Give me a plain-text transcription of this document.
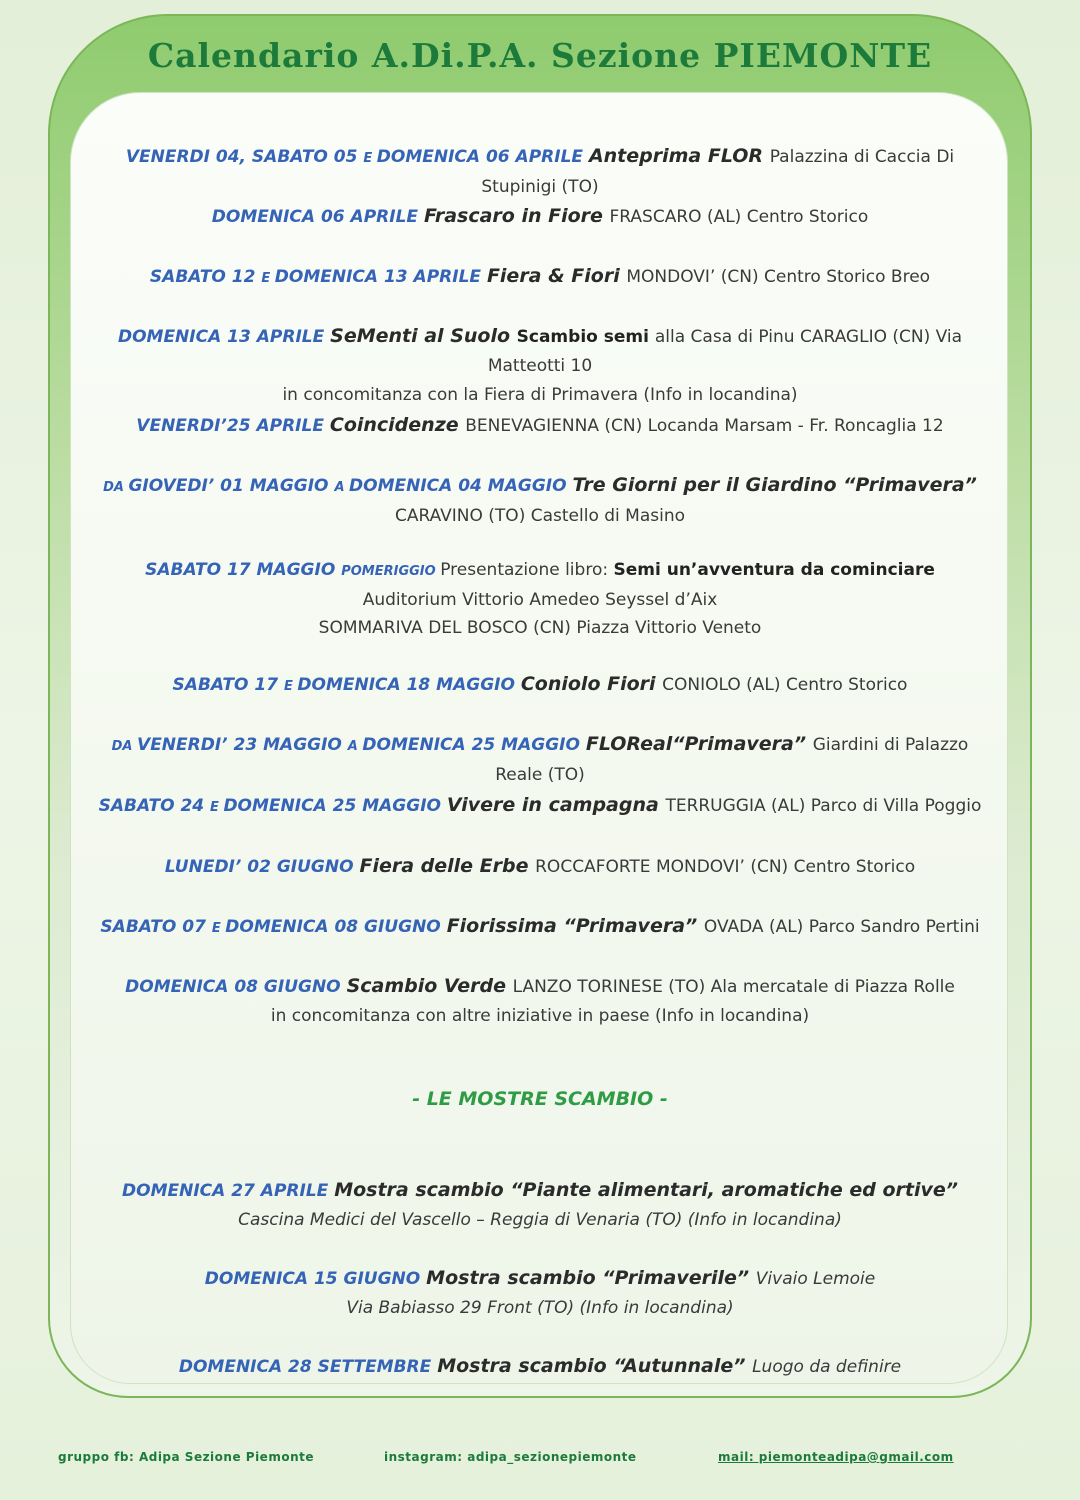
Calendario A.Di.P.A. Sezione PIEMONTE
VENERDI 04, SABATO 05 E DOMENICA 06 APRILE Anteprima FLOR Palazzina di Caccia Di Stupinigi (TO)
DOMENICA 06 APRILE Frascaro in Fiore FRASCARO (AL) Centro Storico
SABATO 12 E DOMENICA 13 APRILE Fiera & Fiori MONDOVI’ (CN) Centro Storico Breo
DOMENICA 13 APRILE SeMenti al Suolo Scambio semi alla Casa di Pinu CARAGLIO (CN) Via Matteotti 10
in concomitanza con la Fiera di Primavera (Info in locandina)
VENERDI’25 APRILE Coincidenze BENEVAGIENNA (CN) Locanda Marsam - Fr. Roncaglia 12
DA GIOVEDI’ 01 MAGGIO A DOMENICA 04 MAGGIO Tre Giorni per il Giardino “Primavera”
CARAVINO (TO) Castello di Masino
SABATO 17 MAGGIO POMERIGGIO Presentazione libro: Semi un’avventura da cominciare
Auditorium Vittorio Amedeo Seyssel d’Aix
SOMMARIVA DEL BOSCO (CN) Piazza Vittorio Veneto
SABATO 17 E DOMENICA 18 MAGGIO Coniolo Fiori CONIOLO (AL) Centro Storico
DA VENERDI’ 23 MAGGIO A DOMENICA 25 MAGGIO FLOReal“Primavera” Giardini di Palazzo Reale (TO)
SABATO 24 E DOMENICA 25 MAGGIO Vivere in campagna TERRUGGIA (AL) Parco di Villa Poggio
LUNEDI’ 02 GIUGNO Fiera delle Erbe ROCCAFORTE MONDOVI’ (CN) Centro Storico
SABATO 07 E DOMENICA 08 GIUGNO Fiorissima “Primavera” OVADA (AL) Parco Sandro Pertini
DOMENICA 08 GIUGNO Scambio Verde LANZO TORINESE (TO) Ala mercatale di Piazza Rolle
in concomitanza con altre iniziative in paese (Info in locandina)
- LE MOSTRE SCAMBIO -
DOMENICA 27 APRILE Mostra scambio “Piante alimentari, aromatiche ed ortive”
Cascina Medici del Vascello – Reggia di Venaria (TO) (Info in locandina)
DOMENICA 15 GIUGNO Mostra scambio “Primaverile” Vivaio Lemoie
Via Babiasso 29 Front (TO) (Info in locandina)
DOMENICA 28 SETTEMBRE Mostra scambio “Autunnale” Luogo da definire
gruppo fb: Adipa Sezione Piemonte	instagram: adipa_sezionepiemonte	mail: piemonteadipa@gmail.com
